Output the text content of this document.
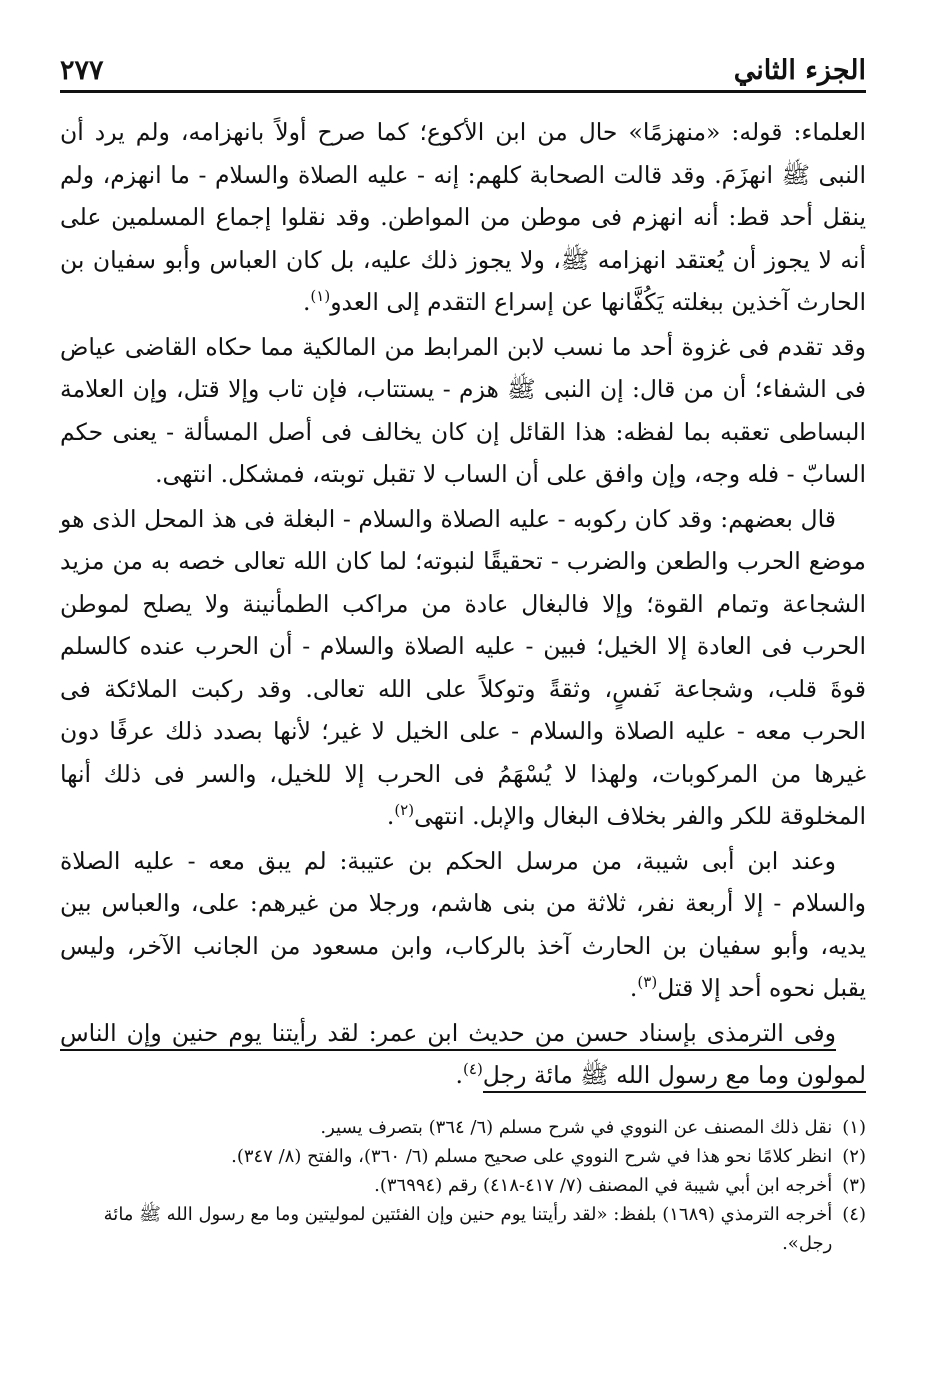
الجزء الثاني
٢٧٧

العلماء: قوله: «منهزمًا» حال من ابن الأكوع؛ كما صرح أولاً بانهزامه، ولم يرد أن النبى ﷺ انهزَمَ. وقد قالت الصحابة كلهم: إنه - عليه الصلاة والسلام - ما انهزم، ولم ينقل أحد قط: أنه انهزم فى موطن من المواطن. وقد نقلوا إجماع المسلمين على أنه لا يجوز أن يُعتقد انهزامه ﷺ، ولا يجوز ذلك عليه، بل كان العباس وأبو سفيان بن الحارث آخذين ببغلته يَكُفَّانها عن إسراع التقدم إلى العدو$^{(١)}$.

وقد تقدم فى غزوة أحد ما نسب لابن المرابط من المالكية مما حكاه القاضى عياض فى الشفاء؛ أن من قال: إن النبى ﷺ هزم - يستتاب، فإن تاب وإلا قتل، وإن العلامة البساطى تعقبه بما لفظه: هذا القائل إن كان يخالف فى أصل المسألة - يعنى حكم السابّ - فله وجه، وإن وافق على أن الساب لا تقبل توبته، فمشكل. انتهى.

قال بعضهم: وقد كان ركوبه - عليه الصلاة والسلام - البغلة فى هذ المحل الذى هو موضع الحرب والطعن والضرب - تحقيقًا لنبوته؛ لما كان الله تعالى خصه به من مزيد الشجاعة وتمام القوة؛ وإلا فالبغال عادة من مراكب الطمأنينة ولا يصلح لموطن الحرب فى العادة إلا الخيل؛ فبين - عليه الصلاة والسلام - أن الحرب عنده كالسلم قوةَ قلب، وشجاعة نَفسٍ، وثقةً وتوكلاً على الله تعالى. وقد ركبت الملائكة فى الحرب معه - عليه الصلاة والسلام - على الخيل لا غير؛ لأنها بصدد ذلك عرفًا دون غيرها من المركوبات، ولهذا لا يُسْهَمُ فى الحرب إلا للخيل، والسر فى ذلك أنها المخلوقة للكر والفر بخلاف البغال والإبل. انتهى$^{(٢)}$.

وعند ابن أبى شيبة، من مرسل الحكم بن عتيبة: لم يبق معه - عليه الصلاة والسلام - إلا أربعة نفر، ثلاثة من بنى هاشم، ورجلا من غيرهم: على، والعباس بين يديه، وأبو سفيان بن الحارث آخذ بالركاب، وابن مسعود من الجانب الآخر، وليس يقبل نحوه أحد إلا قتل$^{(٣)}$.

وفى الترمذى بإسناد حسن من حديث ابن عمر: لقد رأيتنا يوم حنين وإن الناس لمولون وما مع رسول الله ﷺ مائة رجل$^{(٤)}$.

(١)
نقل ذلك المصنف عن النووي في شرح مسلم (٦/ ٣٦٤) بتصرف يسير.

(٢)
انظر كلامًا نحو هذا في شرح النووي على صحيح مسلم (٦/ ٣٦٠)، والفتح (٨/ ٣٤٧).

(٣)
أخرجه ابن أبي شيبة في المصنف (٧/ ٤١٧-٤١٨) رقم (٣٦٩٩٤).

(٤)
أخرجه الترمذي (١٦٨٩) بلفظ: «لقد رأيتنا يوم حنين وإن الفئتين لموليتين وما مع رسول الله ﷺ مائة رجل».
